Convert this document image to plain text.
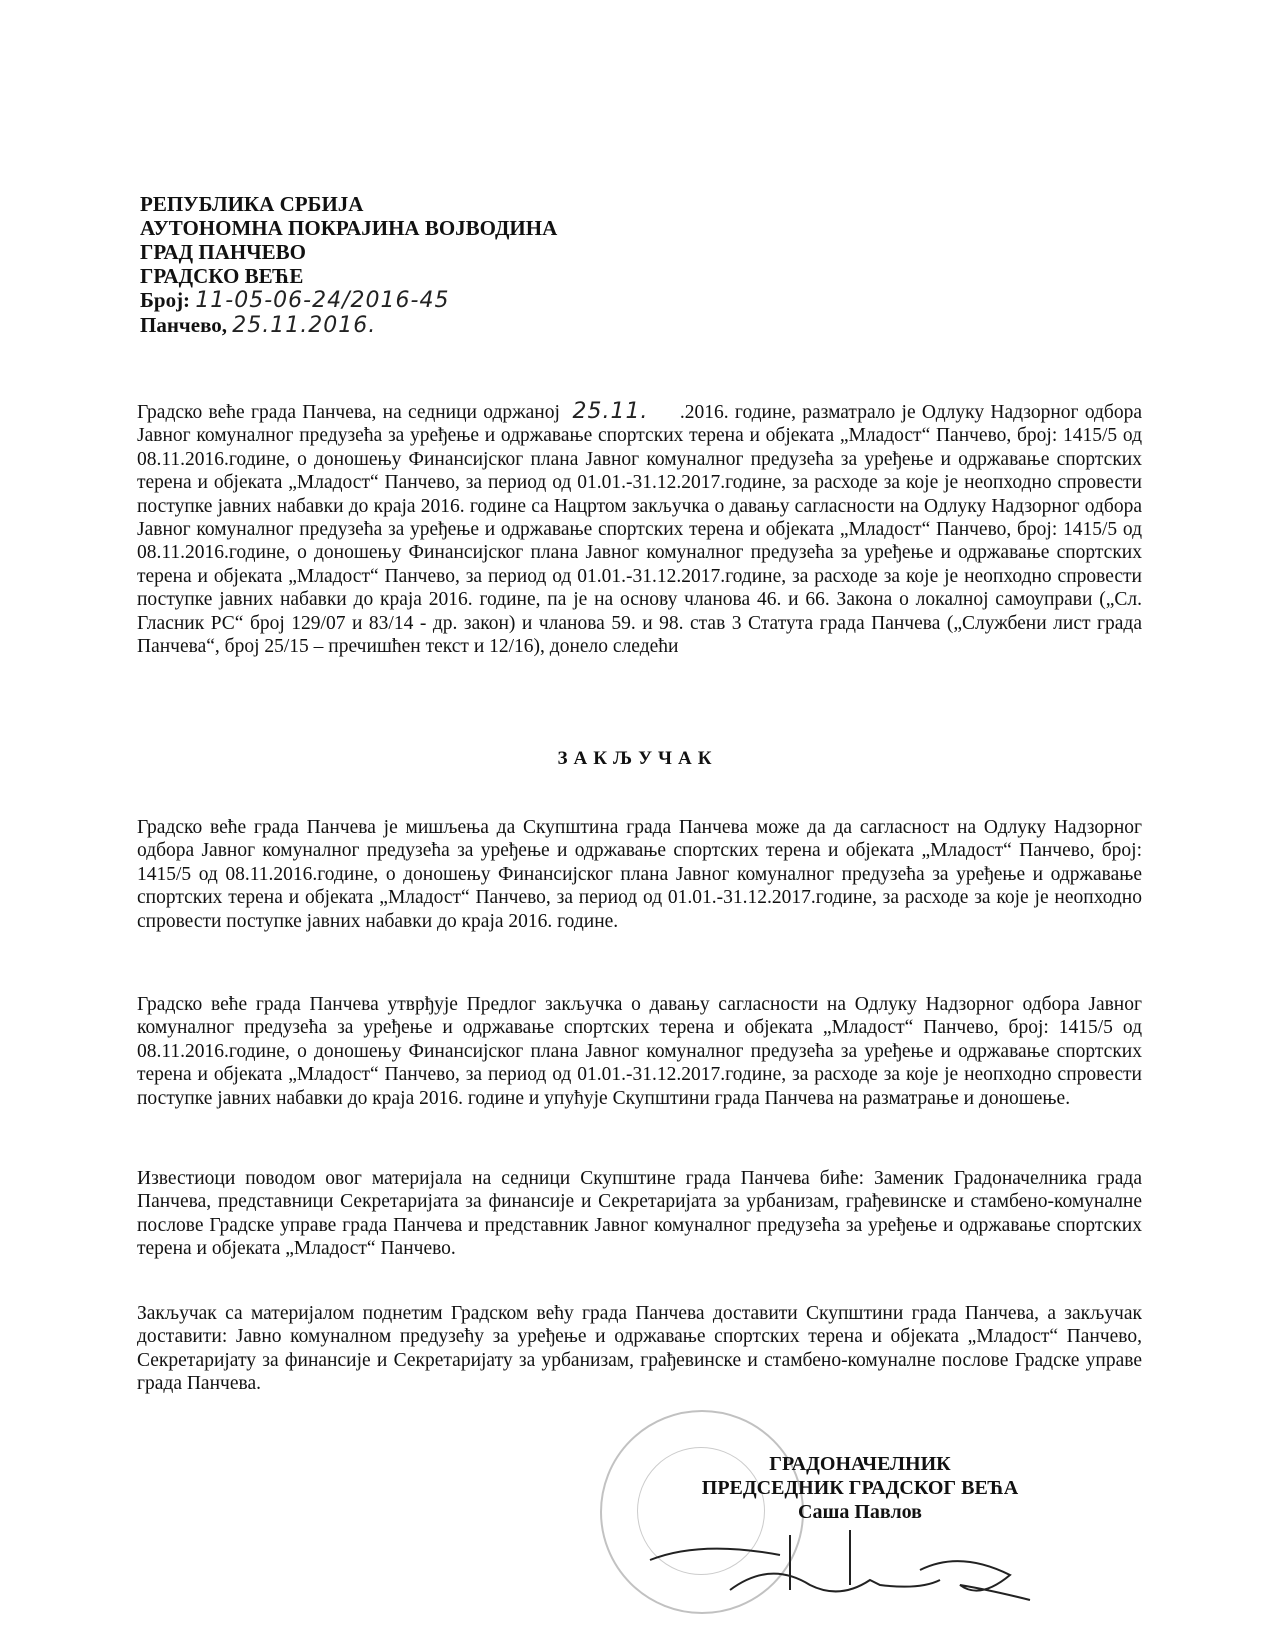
РЕПУБЛИКА СРБИЈА
АУТОНОМНА ПОКРАЈИНА ВОЈВОДИНА
ГРАД ПАНЧЕВО
ГРАДСКО ВЕЋЕ
Број: 11-05-06-24/2016-45
Панчево, 25.11.2016.
Градско веће града Панчева, на седници одржаној 25.11. .2016. године, разматрало је Одлуку Надзорног одбора Јавног комуналног предузећа за уређење и одржавање спортских терена и објеката „Младост“ Панчево, број: 1415/5 од 08.11.2016.године, о доношењу Финансијског плана Јавног комуналног предузећа за уређење и одржавање спортских терена и објеката „Младост“ Панчево, за период од 01.01.-31.12.2017.године, за расходе за које је неопходно спровести поступке јавних набавки до краја 2016. године са Нацртом закључка о давању сагласности на Одлуку Надзорног одбора Јавног комуналног предузећа за уређење и одржавање спортских терена и објеката „Младост“ Панчево, број: 1415/5 од 08.11.2016.године, о доношењу Финансијског плана Јавног комуналног предузећа за уређење и одржавање спортских терена и објеката „Младост“ Панчево, за период од 01.01.-31.12.2017.године, за расходе за које је неопходно спровести поступке јавних набавки до краја 2016. године, па је на основу чланова 46. и 66. Закона о локалној самоуправи („Сл. Гласник РС“ број 129/07 и 83/14 - др. закон) и чланова 59. и 98. став 3 Статута града Панчева („Службени лист града Панчева“, број 25/15 – пречишћен текст и 12/16), донело следећи
ЗАКЉУЧАК
Градско веће града Панчева је мишљења да Скупштина града Панчева може да да сагласност на Одлуку Надзорног одбора Јавног комуналног предузећа за уређење и одржавање спортских терена и објеката „Младост“ Панчево, број: 1415/5 од 08.11.2016.године, о доношењу Финансијског плана Јавног комуналног предузећа за уређење и одржавање спортских терена и објеката „Младост“ Панчево, за период од 01.01.-31.12.2017.године, за расходе за које је неопходно спровести поступке јавних набавки до краја 2016. године.
Градско веће града Панчева утврђује Предлог закључка о давању сагласности на Одлуку Надзорног одбора Јавног комуналног предузећа за уређење и одржавање спортских терена и објеката „Младост“ Панчево, број: 1415/5 од 08.11.2016.године, о доношењу Финансијског плана Јавног комуналног предузећа за уређење и одржавање спортских терена и објеката „Младост“ Панчево, за период од 01.01.-31.12.2017.године, за расходе за које је неопходно спровести поступке јавних набавки до краја 2016. године и упућује Скупштини града Панчева на разматрање и доношење.
Известиоци поводом овог материјала на седници Скупштине града Панчева биће: Заменик Градоначелника града Панчева, представници Секретаријата за финансије и Секретаријата за урбанизам, грађевинске и стамбено-комуналне послове Градске управе града Панчева и представник Јавног комуналног предузећа за уређење и одржавање спортских терена и објеката „Младост“ Панчево.
Закључак са материјалом поднетим Градском већу града Панчева доставити Скупштини града Панчева, а закључак доставити: Јавно комуналном предузећу за уређење и одржавање спортских терена и објеката „Младост“ Панчево, Секретаријату за финансије и Секретаријату за урбанизам, грађевинске и стамбено-комуналне послове Градске управе града Панчева.
ГРАДОНАЧЕЛНИК
ПРЕДСЕДНИК ГРАДСКОГ ВЕЋА
Саша Павлов
